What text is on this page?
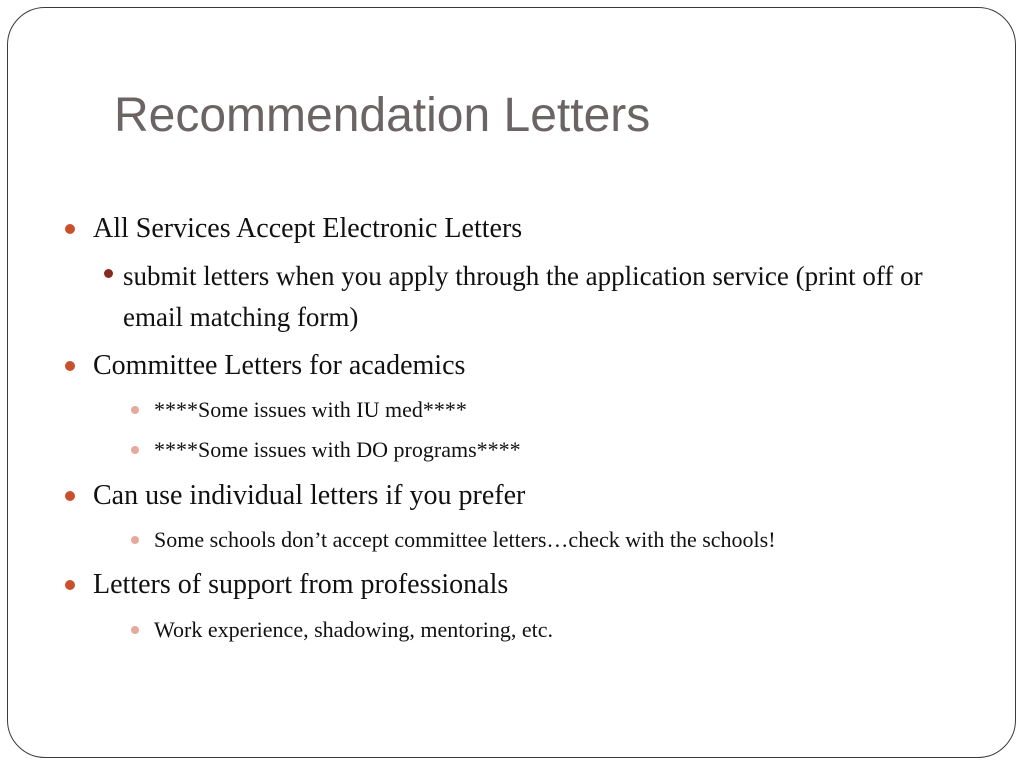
Recommendation Letters
All Services Accept Electronic Letters
submit letters when you apply through the application service (print off or email matching form)
Committee Letters for academics
****Some issues with IU med****
****Some issues with DO programs****
Can use individual letters if you prefer
Some schools don’t accept committee letters…check with the schools!
Letters of support from professionals
Work experience, shadowing, mentoring, etc.
